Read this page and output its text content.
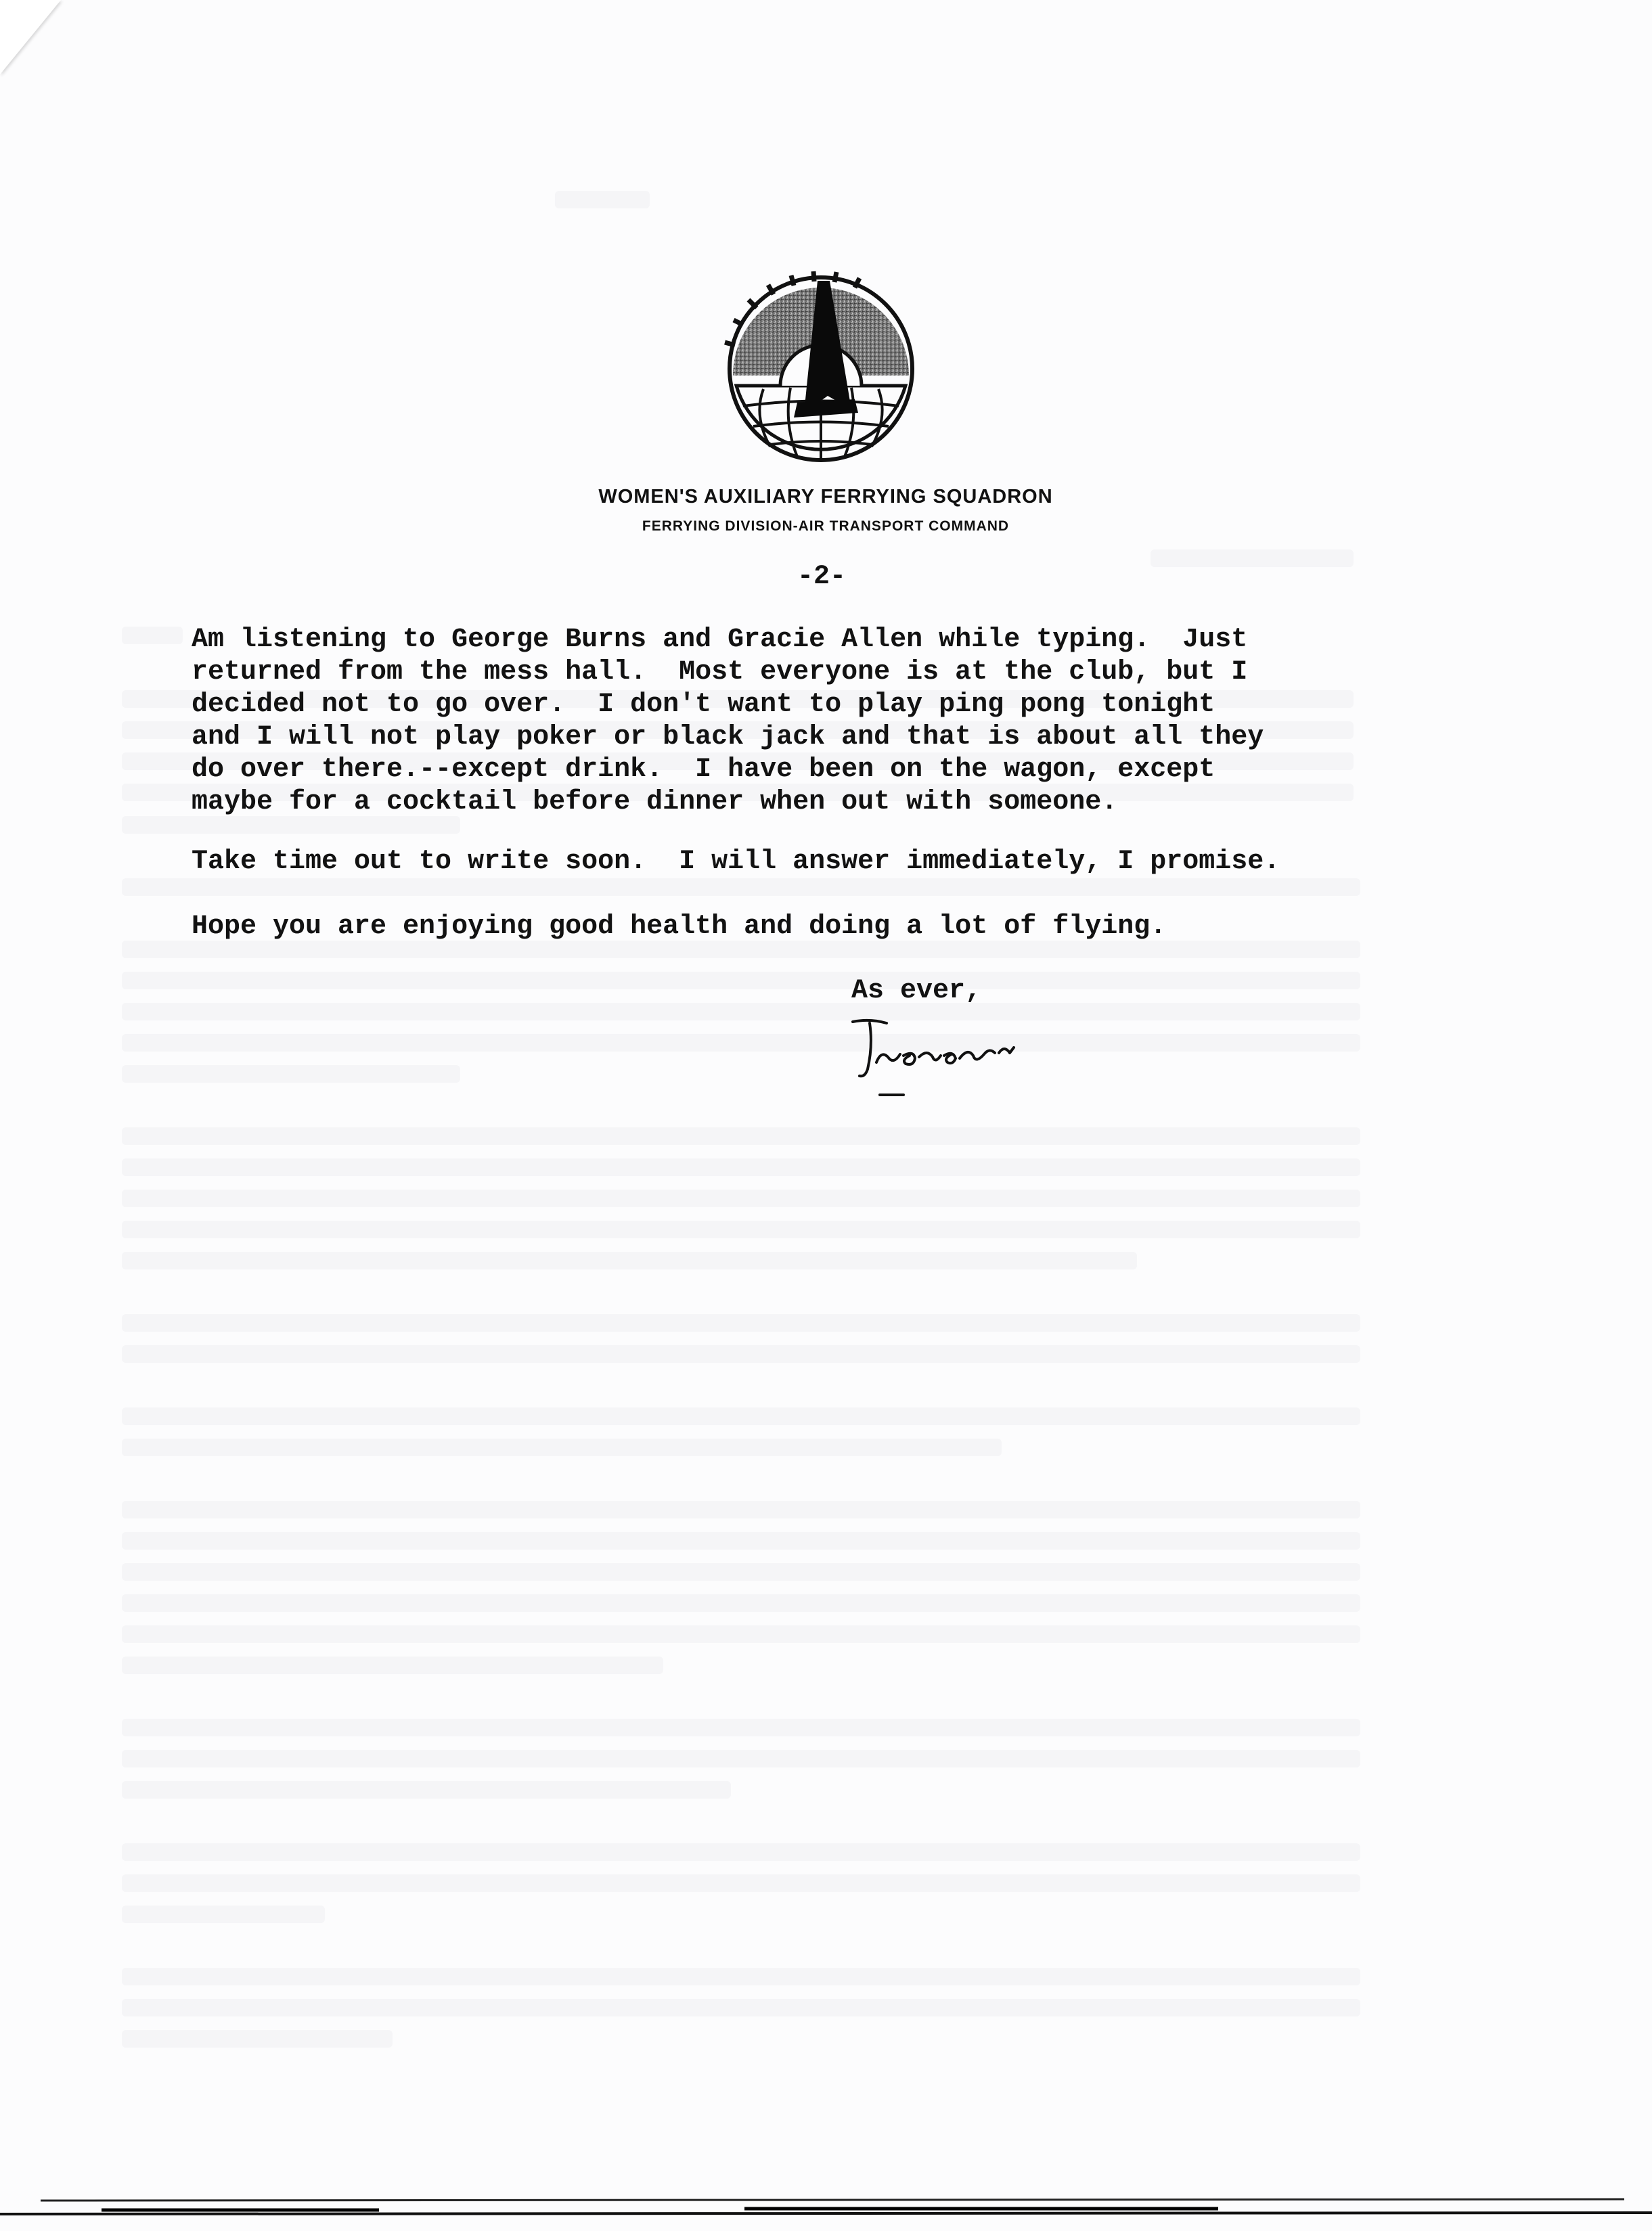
WOMEN'S AUXILIARY FERRYING SQUADRON
FERRYING DIVISION-AIR TRANSPORT COMMAND
-2-
Am listening to George Burns and Gracie Allen while typing.  Just
returned from the mess hall.  Most everyone is at the club, but I
decided not to go over.  I don't want to play ping pong tonight
and I will not play poker or black jack and that is about all they
do over there.--except drink.  I have been on the wagon, except
maybe for a cocktail before dinner when out with someone.
Take time out to write soon.  I will answer immediately, I promise.
Hope you are enjoying good health and doing a lot of flying.
As ever,
